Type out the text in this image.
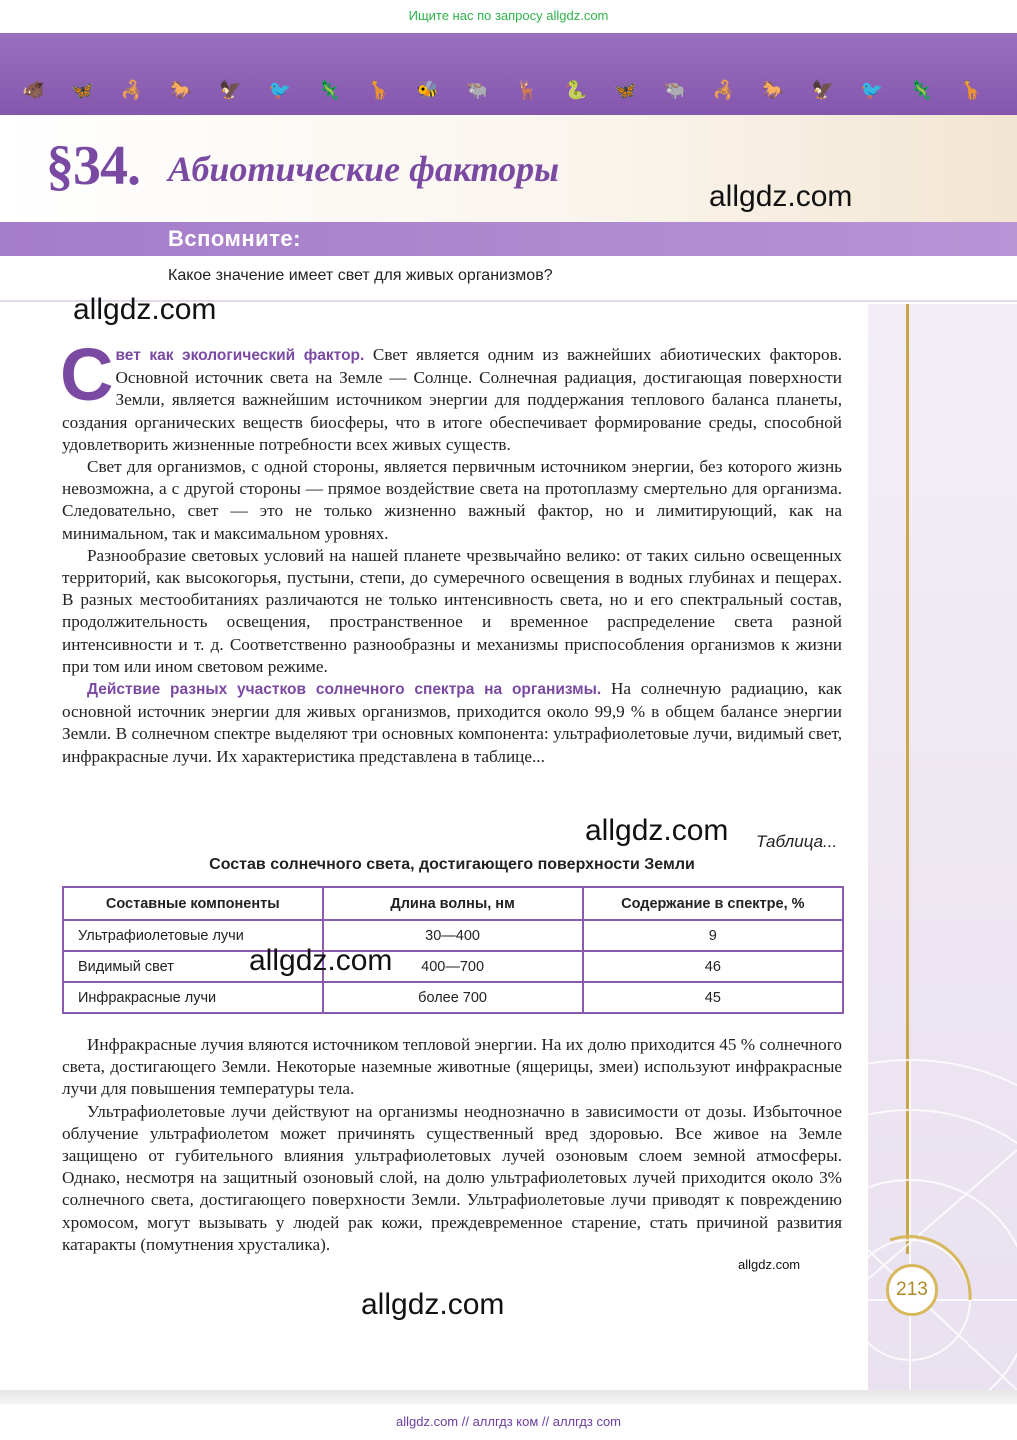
Ищите нас по запросу allgdz.com
🐗 🦋 🦂 🐎 🦅 🐦 🦎 🦒 🐝 🐃 🦌 🐍 🦋 🐃 🦂 🐎 🦅 🐦 🦎 🦒
§34. Абиотические факторы
Вспомните:
Какое значение имеет свет для живых организмов?
allgdz.com
allgdz.com

Свет как экологический фактор. Свет является одним из важнейших абиотических факторов. Основной источник света на Земле — Солнце. Солнечная радиация, достигающая поверхности Земли, является важнейшим источником энергии для поддержания теплового баланса планеты, создания органических веществ биосферы, что в итоге обеспечивает формирование среды, способной удовлетворить жизненные потребности всех живых существ.

Свет для организмов, с одной стороны, является первичным источником энергии, без которого жизнь невозможна, а с другой стороны — прямое воздействие света на протоплазму смертельно для организма. Следовательно, свет — это не только жизненно важный фактор, но и лимитирующий, как на минимальном, так и максимальном уровнях.

Разнообразие световых условий на нашей планете чрезвычайно велико: от таких сильно освещенных территорий, как высокогорья, пустыни, степи, до сумеречного освещения в водных глубинах и пещерах. В разных местообитаниях различаются не только интенсивность света, но и его спектральный состав, продолжительность освещения, пространственное и временное распределение света разной интенсивности и т. д. Соответственно разнообразны и механизмы приспособления организмов к жизни при том или ином световом режиме.

Действие разных участков солнечного спектра на организмы. На солнечную радиацию, как основной источник энергии для живых организмов, приходится около 99,9 % в общем балансе энергии Земли. В солнечном спектре выделяют три основных компонента: ультрафиолетовые лучи, видимый свет, инфракрасные лучи. Их характеристика представлена в таблице...

allgdz.com Таблица...
Состав солнечного света, достигающего поверхности Земли
Составные компоненты	Длина волны, нм	Содержание в спектре, %
Ультрафиолетовые лучи	30—400	9
Видимый свет	400—700	46
Инфракрасные лучи	более 700	45
allgdz.com

Инфракрасные лучия вляются источником тепловой энергии. На их долю приходится 45 % солнечного света, достигающего Земли. Некоторые наземные животные (ящерицы, змеи) используют инфракрасные лучи для повышения температуры тела.

Ультрафиолетовые лучи действуют на организмы неоднозначно в зависимости от дозы. Избыточное облучение ультрафиолетом может причинять существенный вред здоровью. Все живое на Земле защищено от губительного влияния ультрафиолетовых лучей озоновым слоем земной атмосферы. Однако, несмотря на защитный озоновый слой, на долю ультрафиолетовых лучей приходится около 3% солнечного света, достигающего поверхности Земли. Ультрафиолетовые лучи приводят к повреждению хромосом, могут вызывать у людей рак кожи, преждевременное старение, стать причиной развития катаракты (помутнения хрусталика).

allgdz.com
allgdz.com	213
allgdz.com // аллгдз ком // аллгдз com
